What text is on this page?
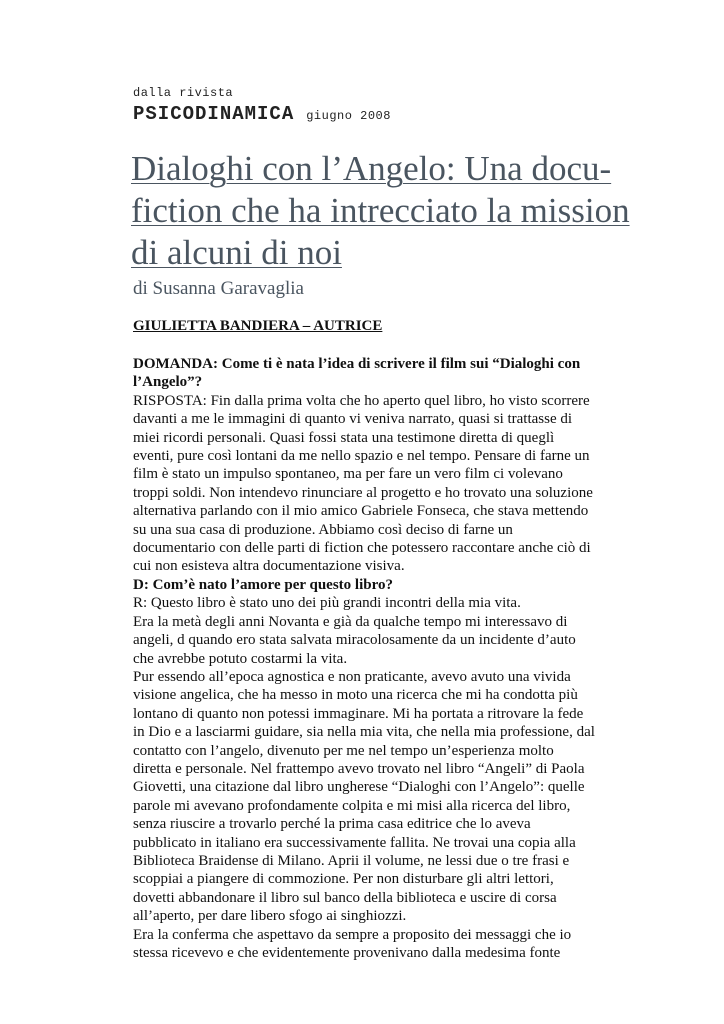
dalla rivista
PSICODINAMICA giugno 2008
Dialoghi con l’Angelo: Una docu-fiction che ha intrecciato la mission di alcuni di noi
di Susanna Garavaglia
GIULIETTA BANDIERA – AUTRICE

DOMANDA: Come ti è nata l’idea di scrivere il film sui “Dialoghi con l’Angelo”?

RISPOSTA: Fin dalla prima volta che ho aperto quel libro, ho visto scorrere davanti a me le immagini di quanto vi veniva narrato, quasi si trattasse di miei ricordi personali. Quasi fossi stata una testimone diretta di queglì eventi, pure così lontani da me nello spazio e nel tempo. Pensare di farne un film è stato un impulso spontaneo, ma per fare un vero film ci volevano troppi soldi. Non intendevo rinunciare al progetto e ho trovato una soluzione alternativa parlando con il mio amico Gabriele Fonseca, che stava mettendo su una sua casa di produzione. Abbiamo così deciso di farne un documentario con delle parti di fiction che potessero raccontare anche ciò di cui non esisteva altra documentazione visiva.

D: Com’è nato l’amore per questo libro?

R: Questo libro è stato uno dei più grandi incontri della mia vita.

Era la metà degli anni Novanta e già da qualche tempo mi interessavo di angeli, d quando ero stata salvata miracolosamente da un incidente d’auto che avrebbe potuto costarmi la vita.

Pur essendo all’epoca agnostica e non praticante, avevo avuto una vivida visione angelica, che ha messo in moto una ricerca che mi ha condotta più lontano di quanto non potessi immaginare. Mi ha portata a ritrovare la fede in Dio e a lasciarmi guidare, sia nella mia vita, che nella mia professione, dal contatto con l’angelo, divenuto per me nel tempo un’esperienza molto diretta e personale. Nel frattempo avevo trovato nel libro “Angeli” di Paola Giovetti, una citazione dal libro ungherese “Dialoghi con l’Angelo”: quelle parole mi avevano profondamente colpita e mi misi alla ricerca del libro, senza riuscire a trovarlo perché la prima casa editrice che lo aveva pubblicato in italiano era successivamente fallita. Ne trovai una copia alla Biblioteca Braidense di Milano. Aprii il volume, ne lessi due o tre frasi e scoppiai a piangere di commozione. Per non disturbare gli altri lettori, dovetti abbandonare il libro sul banco della biblioteca e uscire di corsa all’aperto, per dare libero sfogo ai singhiozzi.

Era la conferma che aspettavo da sempre a proposito dei messaggi che io stessa ricevevo e che evidentemente provenivano dalla medesima fonte
